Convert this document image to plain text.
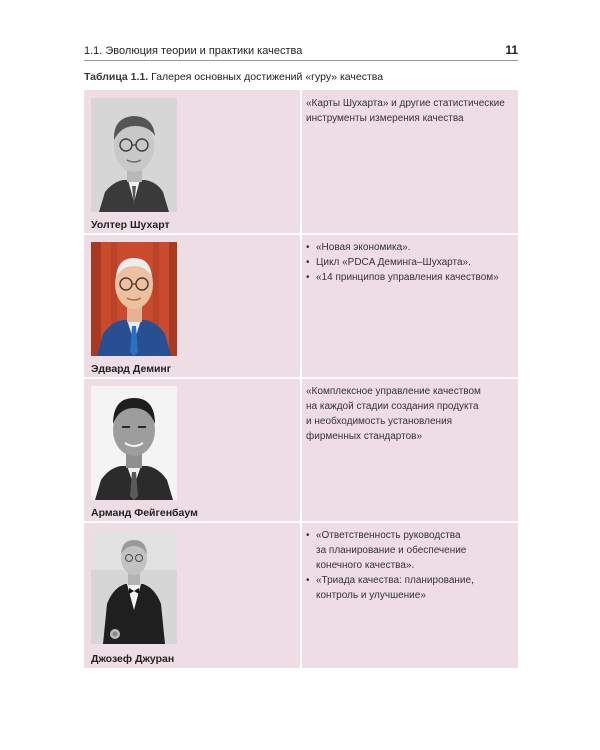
1.1. Эволюция теории и практики качества	11
Таблица 1.1. Галерея основных достижений «гуру» качества
Уолтер Шухарт
«Карты Шухарта» и другие статистические
инструменты измерения качества
Эдвард Деминг
• «Новая экономика».
• Цикл «PDCA Деминга–Шухарта».
• «14 принципов управления качеством»
Арманд Фейгенбаум
«Комплексное управление качеством
на каждой стадии создания продукта
и необходимость установления
фирменных стандартов»
Джозеф Джуран
• «Ответственность руководства
за планирование и обеспечение
конечного качества».
• «Триада качества: планирование,
контроль и улучшение»
